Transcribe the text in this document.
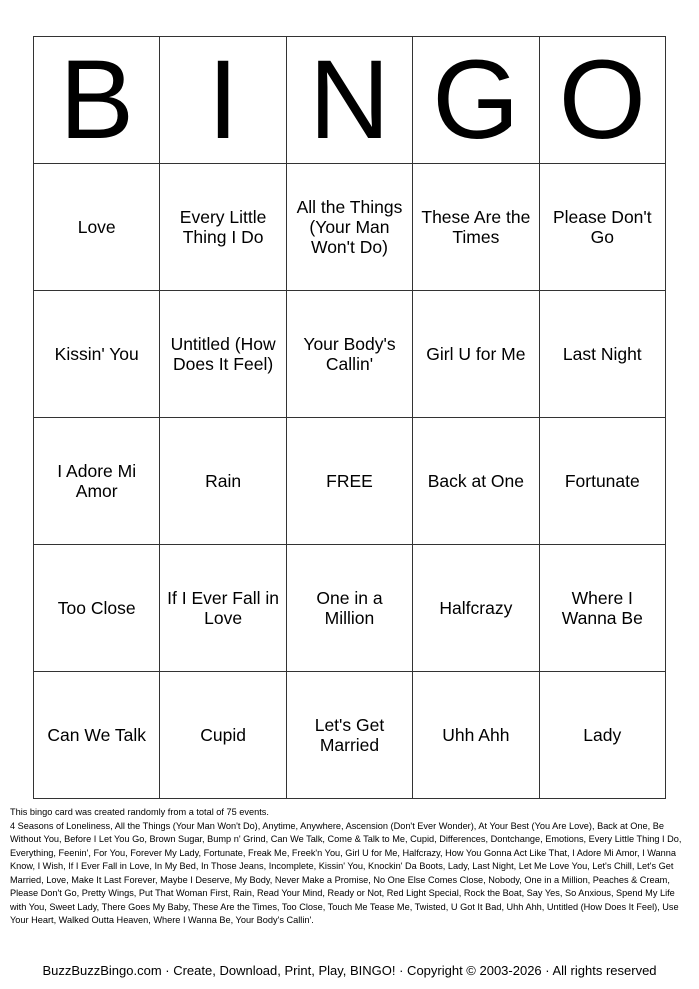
B	I	N	G	O
Love	Every Little Thing I Do	All the Things (Your Man Won't Do)	These Are the Times	Please Don't Go
Kissin' You	Untitled (How Does It Feel)	Your Body's Callin'	Girl U for Me	Last Night
I Adore Mi Amor	Rain	FREE	Back at One	Fortunate
Too Close	If I Ever Fall in Love	One in a Million	Halfcrazy	Where I Wanna Be
Can We Talk	Cupid	Let's Get Married	Uhh Ahh	Lady

This bingo card was created randomly from a total of 75 events.

4 Seasons of Loneliness, All the Things (Your Man Won't Do), Anytime, Anywhere, Ascension (Don't Ever Wonder), At Your Best (You Are Love), Back at One, Be Without You, Before I Let You Go, Brown Sugar, Bump n' Grind, Can We Talk, Come & Talk to Me, Cupid, Differences, Dontchange, Emotions, Every Little Thing I Do, Everything, Feenin', For You, Forever My Lady, Fortunate, Freak Me, Freek'n You, Girl U for Me, Halfcrazy, How You Gonna Act Like That, I Adore Mi Amor, I Wanna Know, I Wish, If I Ever Fall in Love, In My Bed, In Those Jeans, Incomplete, Kissin' You, Knockin' Da Boots, Lady, Last Night, Let Me Love You, Let's Chill, Let's Get Married, Love, Make It Last Forever, Maybe I Deserve, My Body, Never Make a Promise, No One Else Comes Close, Nobody, One in a Million, Peaches & Cream, Please Don't Go, Pretty Wings, Put That Woman First, Rain, Read Your Mind, Ready or Not, Red Light Special, Rock the Boat, Say Yes, So Anxious, Spend My Life with You, Sweet Lady, There Goes My Baby, These Are the Times, Too Close, Touch Me Tease Me, Twisted, U Got It Bad, Uhh Ahh, Untitled (How Does It Feel), Use Your Heart, Walked Outta Heaven, Where I Wanna Be, Your Body's Callin'.

BuzzBuzzBingo.com · Create, Download, Print, Play, BINGO! · Copyright © 2003-2026 · All rights reserved
